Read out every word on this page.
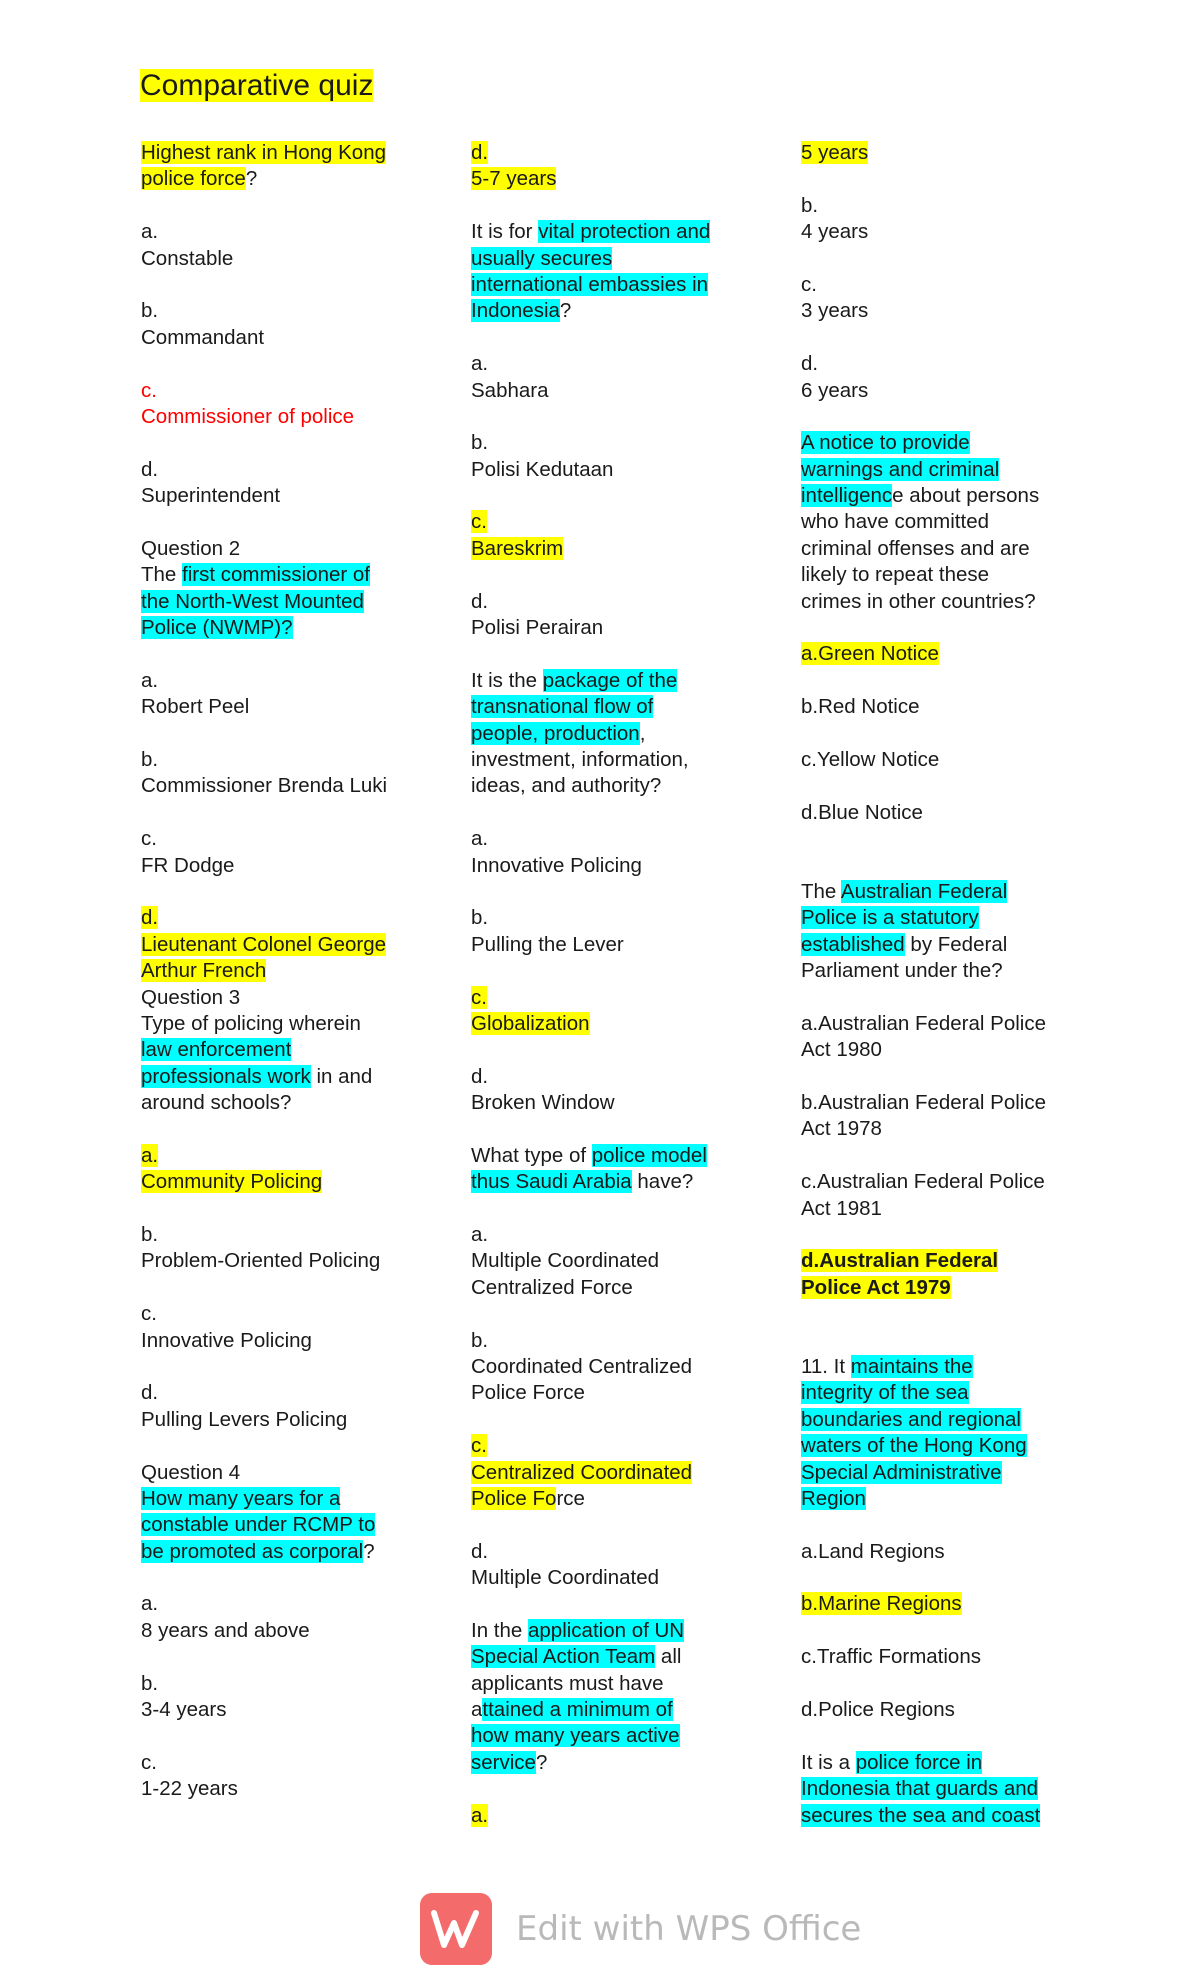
Comparative quiz
Highest rank in Hong Kong
police force?
a.
Constable
b.
Commandant
c.
Commissioner of police
d.
Superintendent
Question 2
The first commissioner of
the North-West Mounted
Police (NWMP)?
a.
Robert Peel
b.
Commissioner Brenda Luki
c.
FR Dodge
d.
Lieutenant Colonel George
Arthur French
Question 3
Type of policing wherein
law enforcement
professionals work in and
around schools?
a.
Community Policing
b.
Problem-Oriented Policing
c.
Innovative Policing
d.
Pulling Levers Policing
Question 4
How many years for a
constable under RCMP to
be promoted as corporal?
a.
8 years and above
b.
3-4 years
c.
1-22 years
d.
5-7 years
It is for vital protection and
usually secures
international embassies in
Indonesia?
a.
Sabhara
b.
Polisi Kedutaan
c.
Bareskrim
d.
Polisi Perairan
It is the package of the
transnational flow of
people, production,
investment, information,
ideas, and authority?
a.
Innovative Policing
b.
Pulling the Lever
c.
Globalization
d.
Broken Window
What type of police model
thus Saudi Arabia have?
a.
Multiple Coordinated
Centralized Force
b.
Coordinated Centralized
Police Force
c.
Centralized Coordinated
Police Force
d.
Multiple Coordinated
In the application of UN
Special Action Team all
applicants must have
attained a minimum of
how many years active
service?
a.
5 years
b.
4 years
c.
3 years
d.
6 years
A notice to provide
warnings and criminal
intelligence about persons
who have committed
criminal offenses and are
likely to repeat these
crimes in other countries?
a.Green Notice
b.Red Notice
c.Yellow Notice
d.Blue Notice
The Australian Federal
Police is a statutory
established by Federal
Parliament under the?
a.Australian Federal Police
Act 1980
b.Australian Federal Police
Act 1978
c.Australian Federal Police
Act 1981
d.Australian Federal
Police Act 1979
11. It maintains the
integrity of the sea
boundaries and regional
waters of the Hong Kong
Special Administrative
Region
a.Land Regions
b.Marine Regions
c.Traffic Formations
d.Police Regions
It is a police force in
Indonesia that guards and
secures the sea and coast
Edit with WPS Office
